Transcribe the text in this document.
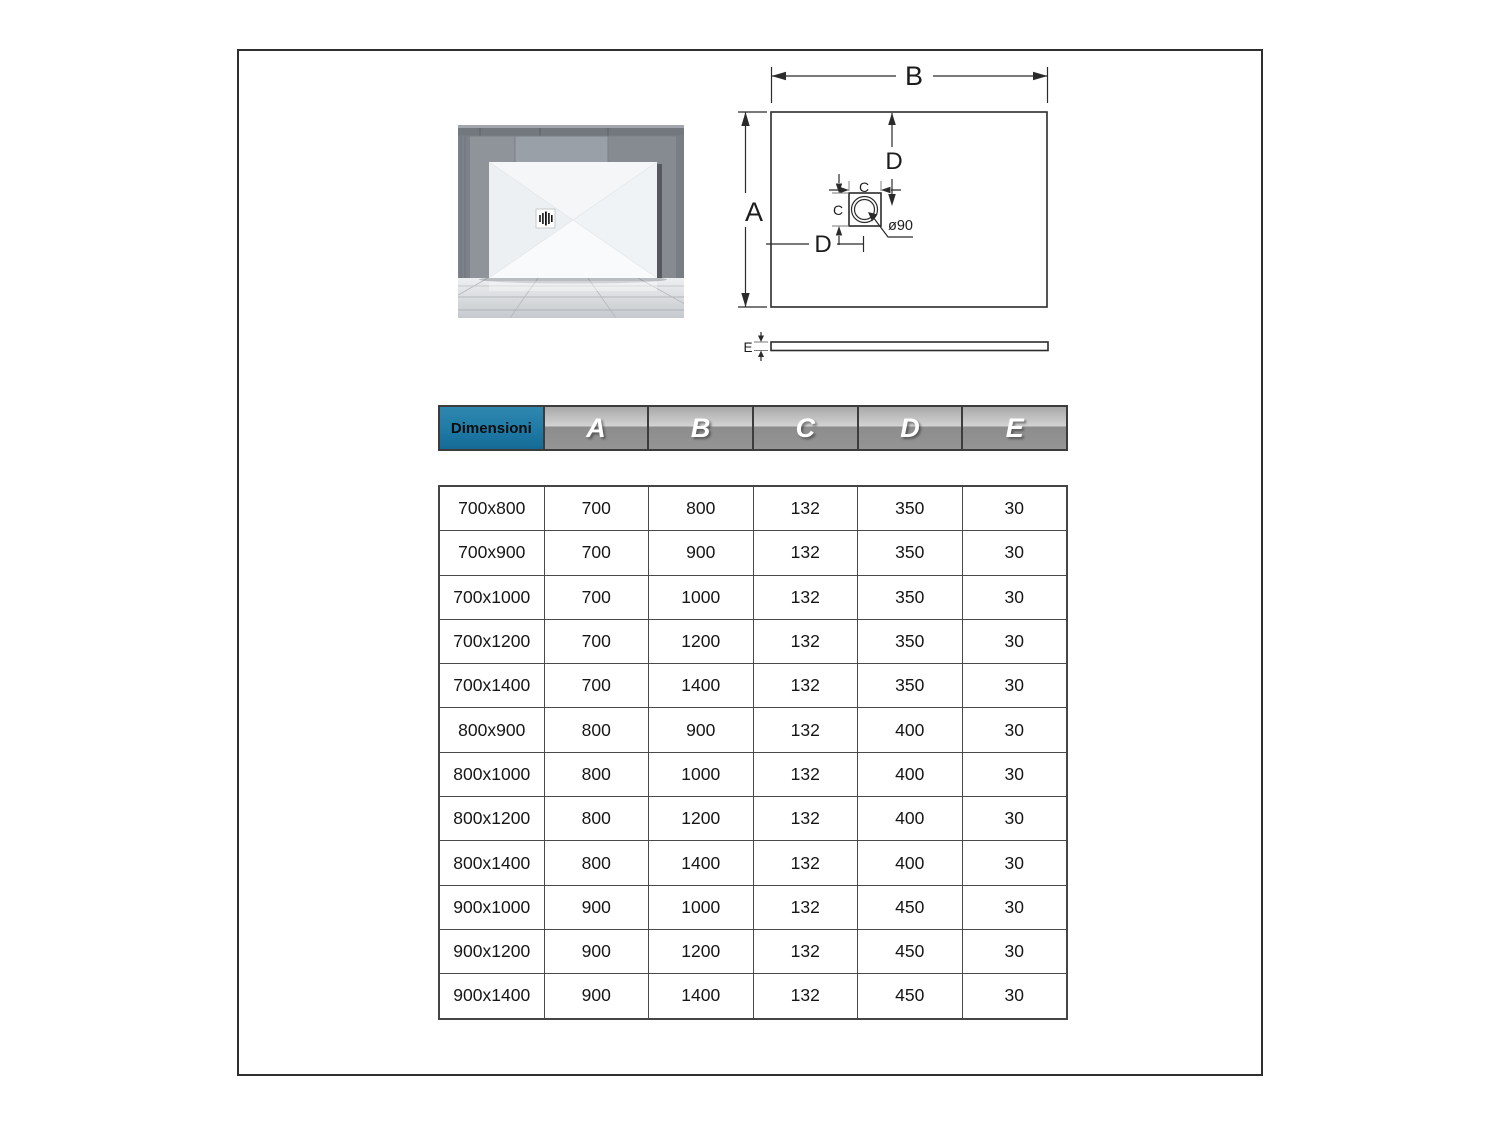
B
A
D
C
C
ø90
D
E
Dimensioni	A	B	C	D	E
700x800	700	800	132	350	30
700x900	700	900	132	350	30
700x1000	700	1000	132	350	30
700x1200	700	1200	132	350	30
700x1400	700	1400	132	350	30
800x900	800	900	132	400	30
800x1000	800	1000	132	400	30
800x1200	800	1200	132	400	30
800x1400	800	1400	132	400	30
900x1000	900	1000	132	450	30
900x1200	900	1200	132	450	30
900x1400	900	1400	132	450	30
